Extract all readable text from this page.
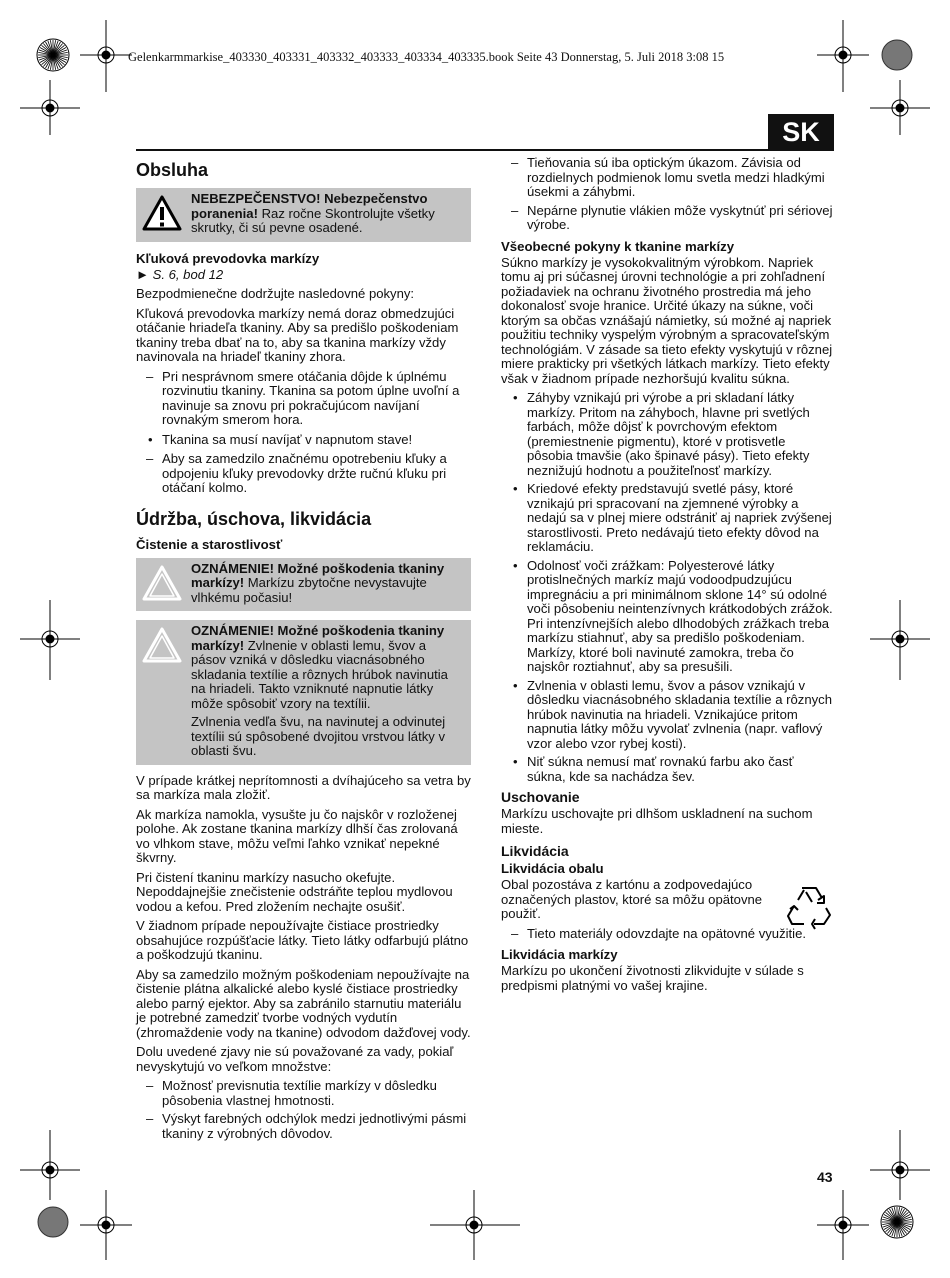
Gelenkarmmarkise_403330_403331_403332_403333_403334_403335.book Seite 43 Donnerstag, 5. Juli 2018 3:08 15
SK
Obsluha

NEBEZPEČENSTVO! Nebezpečenstvo poranenia! Raz ročne Skontrolujte všetky skrutky, či sú pevne osadené.

Kľuková prevodovka markízy

► S. 6, bod 12

Bezpodmienečne dodržujte nasledovné pokyny:

Kľuková prevodovka markízy nemá doraz obmedzujúci otáčanie hriadeľa tkaniny. Aby sa predišlo poškodeniam tkaniny treba dbať na to, aby sa tkanina markízy vždy navinovala na hriadeľ tkaniny zhora.

– Pri nesprávnom smere otáčania dôjde k úplnému rozvinutiu tkaniny. Tkanina sa potom úplne uvoľní a navinuje sa znovu pri pokračujúcom navíjaní rovnakým smerom hora.
• Tkanina sa musí navíjať v napnutom stave!
– Aby sa zamedzilo značnému opotrebeniu kľuky a odpojeniu kľuky prevodovky držte ručnú kľuku pri otáčaní kolmo.
Údržba, úschova, likvidácia
Čistenie a starostlivosť

OZNÁMENIE! Možné poškodenia tkaniny markízy! Markízu zbytočne nevystavujte vlhkému počasiu!

OZNÁMENIE! Možné poškodenia tkaniny markízy! Zvlnenie v oblasti lemu, švov a pásov vzniká v dôsledku viacnásobného skladania textílie a rôznych hrúbok navinutia na hriadeli. Takto vzniknuté napnutie látky môže spôsobiť vzory na textílii.

Zvlnenia vedľa švu, na navinutej a odvinutej textílii sú spôsobené dvojitou vrstvou látky v oblasti švu.

V prípade krátkej neprítomnosti a dvíhajúceho sa vetra by sa markíza mala zložiť.

Ak markíza namokla, vysušte ju čo najskôr v rozloženej polohe. Ak zostane tkanina markízy dlhší čas zrolovaná vo vlhkom stave, môžu veľmi ľahko vznikať nepekné škvrny.

Pri čistení tkaninu markízy nasucho okefujte. Nepoddajnejšie znečistenie odstráňte teplou mydlovou vodou a kefou. Pred zložením nechajte osušiť.

V žiadnom prípade nepoužívajte čistiace prostriedky obsahujúce rozpúšťacie látky. Tieto látky odfarbujú plátno a poškodzujú tkaninu.

Aby sa zamedzilo možným poškodeniam nepoužívajte na čistenie plátna alkalické alebo kyslé čistiace prostriedky alebo parný ejektor. Aby sa zabránilo starnutiu materiálu je potrebné zamedziť tvorbe vodných vydutín (zhromaždenie vody na tkanine) odvodom dažďovej vody.

Dolu uvedené zjavy nie sú považované za vady, pokiaľ nevyskytujú vo veľkom množstve:

– Možnosť previsnutia textílie markízy v dôsledku pôsobenia vlastnej hmotnosti.
– Výskyt farebných odchýlok medzi jednotlivými pásmi tkaniny z výrobných dôvodov.
– Tieňovania sú iba optickým úkazom. Závisia od rozdielnych podmienok lomu svetla medzi hladkými úsekmi a záhybmi.
– Nepárne plynutie vlákien môže vyskytnúť pri sériovej výrobe.
Všeobecné pokyny k tkanine markízy

Súkno markízy je vysokokvalitným výrobkom. Napriek tomu aj pri súčasnej úrovni technológie a pri zohľadnení požiadaviek na ochranu životného prostredia má jeho dokonalosť svoje hranice. Určité úkazy na súkne, voči ktorým sa občas vznášajú námietky, sú možné aj napriek použitiu techniky vyspelým výrobným a spracovateľským technológiám. V zásade sa tieto efekty vyskytujú v rôznej miere prakticky pri všetkých látkach markízy. Tieto efekty však v žiadnom prípade nezhoršujú kvalitu súkna.

• Záhyby vznikajú pri výrobe a pri skladaní látky markízy. Pritom na záhyboch, hlavne pri svetlých farbách, môže dôjsť k povrchovým efektom (premiestnenie pigmentu), ktoré v protisvetle pôsobia tmavšie (ako špinavé pásy). Tieto efekty neznižujú hodnotu a použiteľnosť markízy.
• Kriedové efekty predstavujú svetlé pásy, ktoré vznikajú pri spracovaní na zjemnené výrobky a nedajú sa v plnej miere odstrániť aj napriek zvýšenej starostlivosti. Preto nedávajú tieto efekty dôvod na reklamáciu.
• Odolnosť voči zrážkam: Polyesterové látky protislnečných markíz majú vodoodpudzujúcu impregnáciu a pri minimálnom sklone 14° sú odolné voči pôsobeniu neintenzívnych krátkodobých zrážok. Pri intenzívnejších alebo dlhodobých zrážkach treba markízu stiahnuť, aby sa predišlo poškodeniam. Markízy, ktoré boli navinuté zamokra, treba čo najskôr roztiahnuť, aby sa presušili.
• Zvlnenia v oblasti lemu, švov a pásov vznikajú v dôsledku viacnásobného skladania textílie a rôznych hrúbok navinutia na hriadeli. Vznikajúce pritom napnutia látky môžu vyvolať zvlnenia (napr. vaflový vzor alebo vzor rybej kosti).
• Niť súkna nemusí mať rovnakú farbu ako časť súkna, kde sa nachádza šev.
Uschovanie

Markízu uschovajte pri dlhšom uskladnení na suchom mieste.

Likvidácia
Likvidácia obalu

Obal pozostáva z kartónu a zodpovedajúco označených plastov, ktoré sa môžu opätovne použiť.

– Tieto materiály odovzdajte na opätovné využitie.
Likvidácia markízy

Markízu po ukončení životnosti zlikvidujte v súlade s predpismi platnými vo vašej krajine.

43
